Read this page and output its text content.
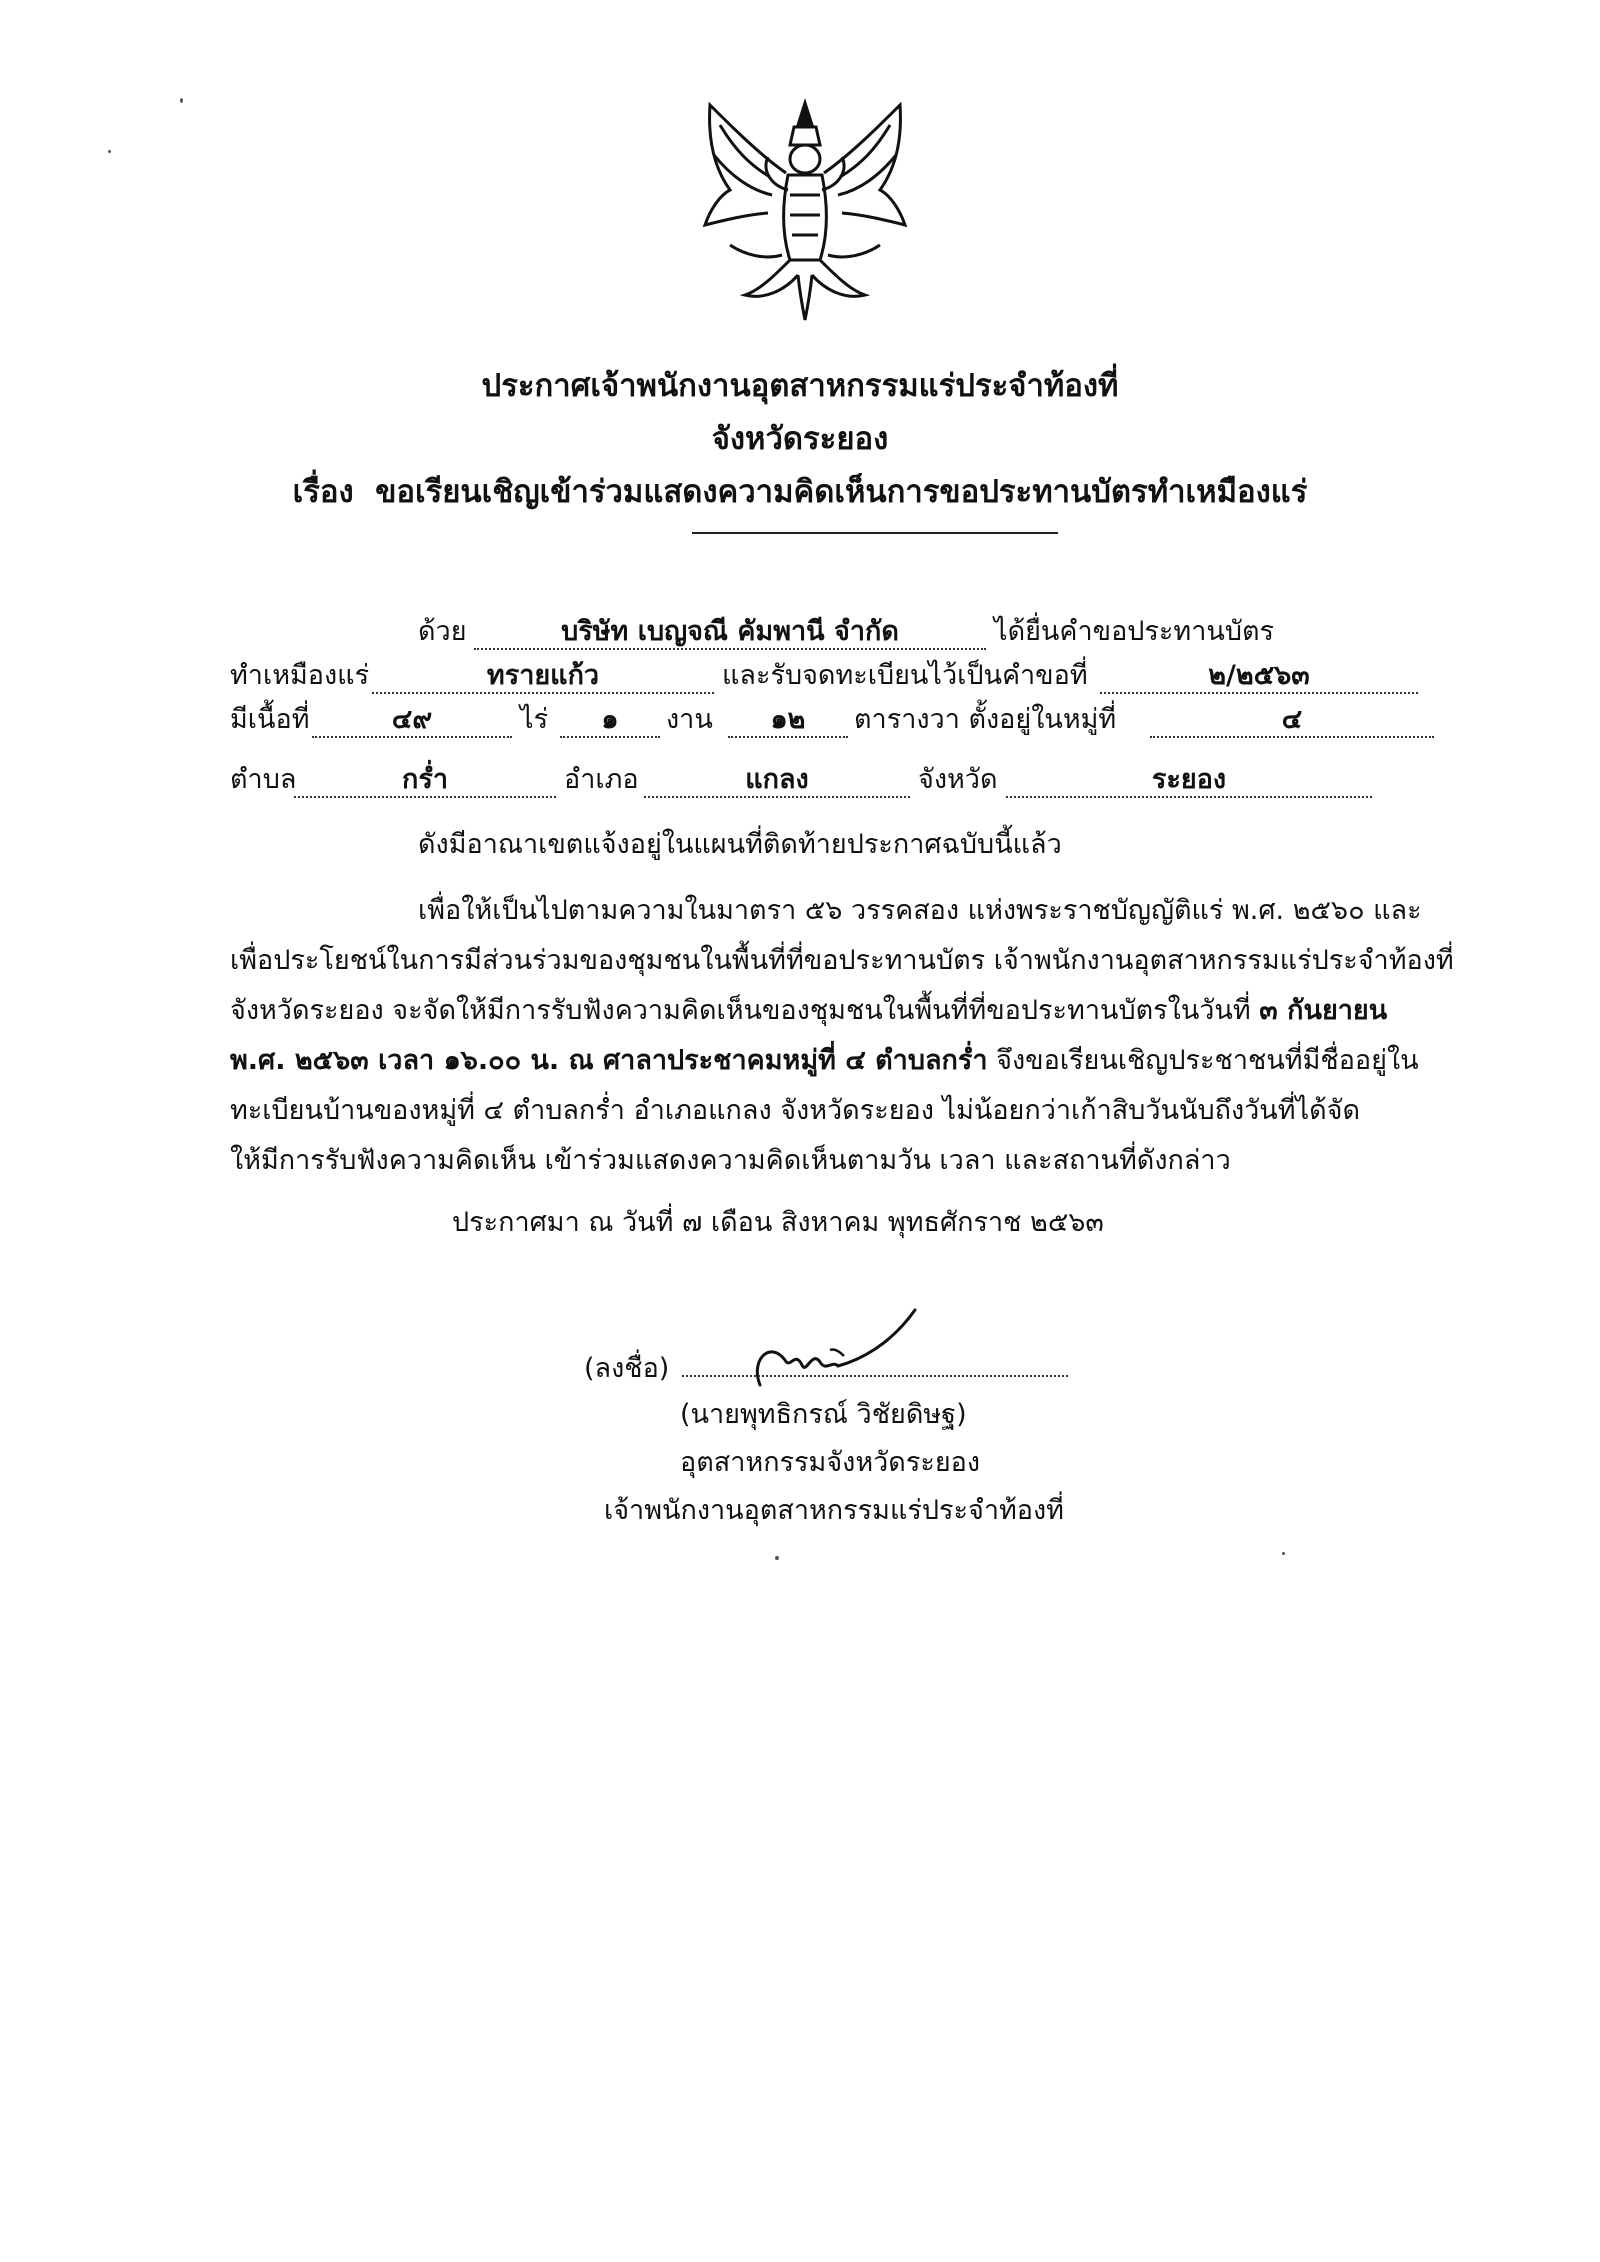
ประกาศเจ้าพนักงานอุตสาหกรรมแร่ประจำท้องที่
จังหวัดระยอง
เรื่อง ขอเรียนเชิญเข้าร่วมแสดงความคิดเห็นการขอประทานบัตรทำเหมืองแร่
ด้วย	บริษัท เบญจณี คัมพานี จำกัด	ได้ยื่นคำขอประทานบัตร
ทำเหมืองแร่	ทรายแก้ว	และรับจดทะเบียนไว้เป็นคำขอที่	๒/๒๕๖๓
มีเนื้อที่	๔๙	ไร่	๑	งาน	๑๒	ตารางวา ตั้งอยู่ในหมู่ที่	๔
ตำบล	กร่ำ	อำเภอ	แกลง	จังหวัด	ระยอง
ดังมีอาณาเขตแจ้งอยู่ในแผนที่ติดท้ายประกาศฉบับนี้แล้ว
เพื่อให้เป็นไปตามความในมาตรา ๕๖ วรรคสอง แห่งพระราชบัญญัติแร่ พ.ศ. ๒๕๖๐ และ
เพื่อประโยชน์ในการมีส่วนร่วมของชุมชนในพื้นที่ที่ขอประทานบัตร เจ้าพนักงานอุตสาหกรรมแร่ประจำท้องที่
จังหวัดระยอง จะจัดให้มีการรับฟังความคิดเห็นของชุมชนในพื้นที่ที่ขอประทานบัตรในวันที่ ๓ กันยายน
พ.ศ. ๒๕๖๓ เวลา ๑๖.๐๐ น. ณ ศาลาประชาคมหมู่ที่ ๔ ตำบลกร่ำ จึงขอเรียนเชิญประชาชนที่มีชื่ออยู่ใน
ทะเบียนบ้านของหมู่ที่ ๔ ตำบลกร่ำ อำเภอแกลง จังหวัดระยอง ไม่น้อยกว่าเก้าสิบวันนับถึงวันที่ได้จัด
ให้มีการรับฟังความคิดเห็น เข้าร่วมแสดงความคิดเห็นตามวัน เวลา และสถานที่ดังกล่าว
ประกาศมา ณ วันที่ ๗ เดือน สิงหาคม พุทธศักราช ๒๕๖๓
(ลงชื่อ)
(นายพุทธิกรณ์ วิชัยดิษฐ)
อุตสาหกรรมจังหวัดระยอง
เจ้าพนักงานอุตสาหกรรมแร่ประจำท้องที่
